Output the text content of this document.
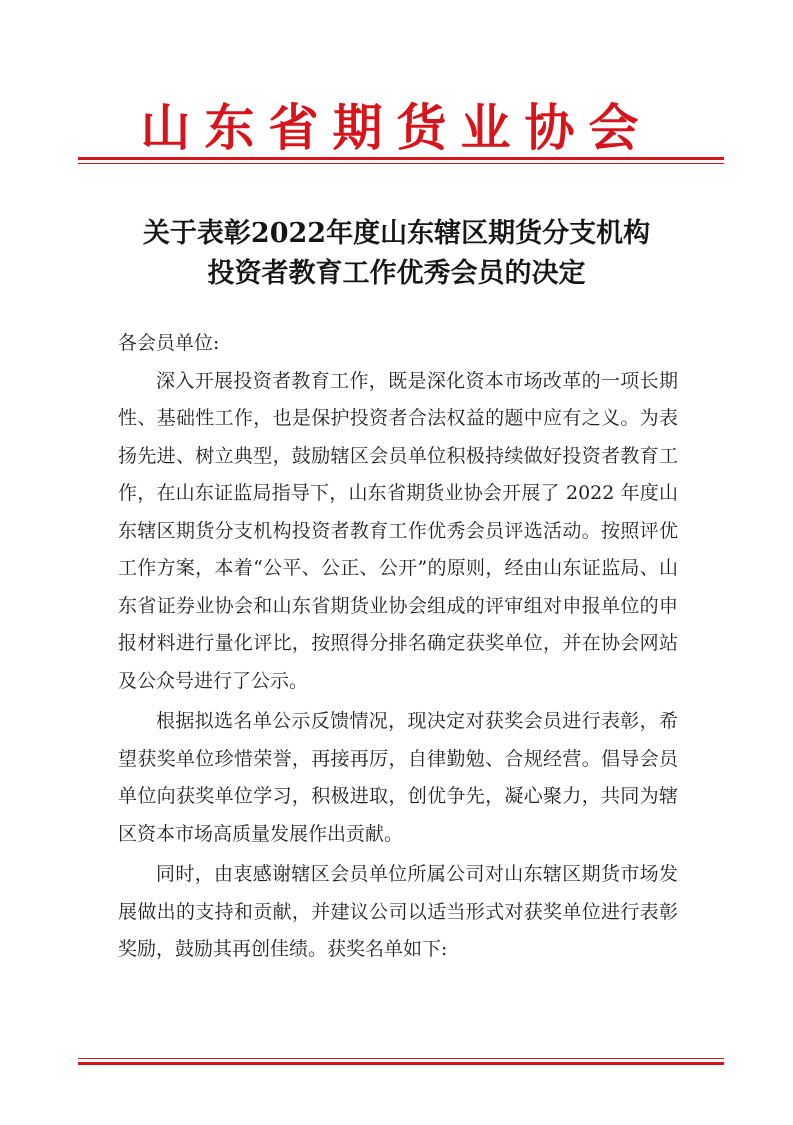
山东省期货业协会
关于表彰2022年度山东辖区期货分支机构
投资者教育工作优秀会员的决定

各会员单位:

深入开展投资者教育工作，既是深化资本市场改革的一项长期性、基础性工作，也是保护投资者合法权益的题中应有之义。为表扬先进、树立典型，鼓励辖区会员单位积极持续做好投资者教育工作，在山东证监局指导下，山东省期货业协会开展了 2022 年度山东辖区期货分支机构投资者教育工作优秀会员评选活动。按照评优工作方案，本着“公平、公正、公开”的原则，经由山东证监局、山东省证券业协会和山东省期货业协会组成的评审组对申报单位的申报材料进行量化评比，按照得分排名确定获奖单位，并在协会网站及公众号进行了公示。

根据拟选名单公示反馈情况，现决定对获奖会员进行表彰，希望获奖单位珍惜荣誉，再接再厉，自律勤勉、合规经营。倡导会员单位向获奖单位学习，积极进取，创优争先，凝心聚力，共同为辖区资本市场高质量发展作出贡献。

同时，由衷感谢辖区会员单位所属公司对山东辖区期货市场发展做出的支持和贡献，并建议公司以适当形式对获奖单位进行表彰奖励，鼓励其再创佳绩。获奖名单如下:
